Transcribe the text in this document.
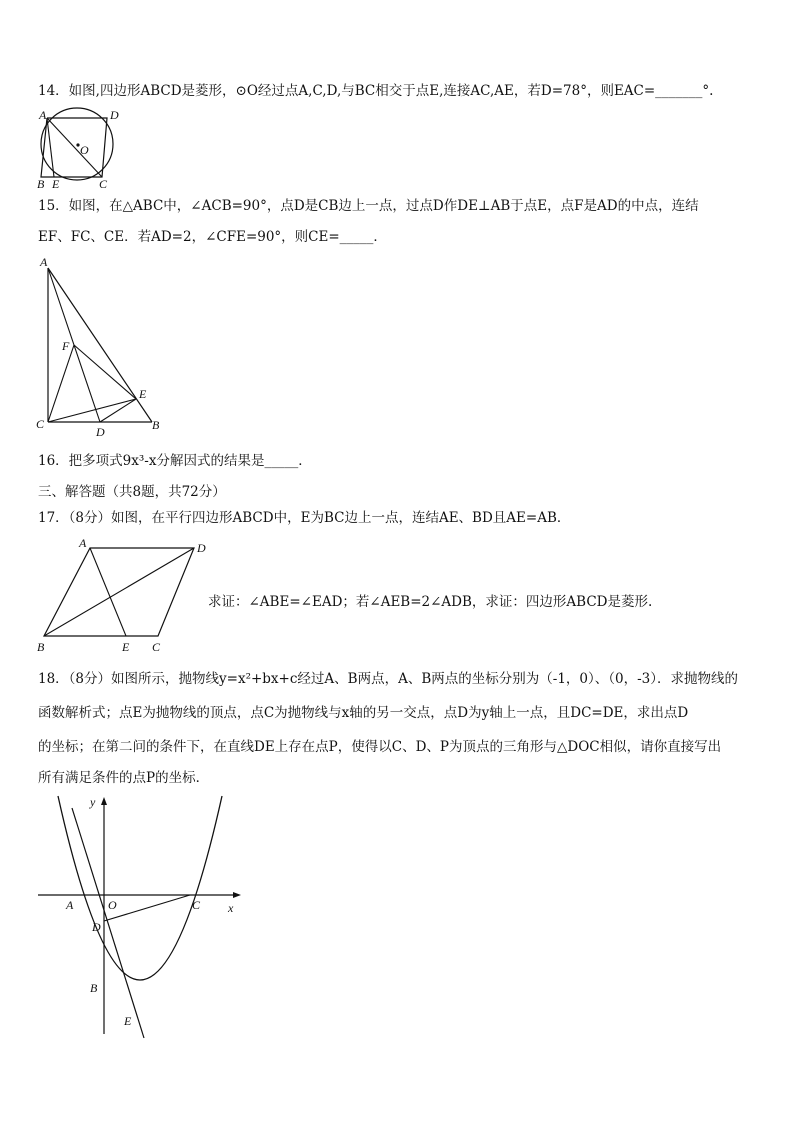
14．如图,四边形ABCD是菱形，⊙O经过点A,C,D,与BC相交于点E,连接AC,AE，若D=78°，则EAC=_______°.
A	D
O
B E	C
15．如图，在△ABC中，∠ACB=90°，点D是CB边上一点，过点D作DE⊥AB于点E，点F是AD的中点，连结
EF、FC、CE．若AD=2，∠CFE=90°，则CE=_____．
A
F
E
C
D	B
16．把多项式9x³-x分解因式的结果是_____．
三、解答题（共8题，共72分）
17．（8分）如图，在平行四边形ABCD中，E为BC边上一点，连结AE、BD且AE=AB．
A	D
B	E C
求证：∠ABE=∠EAD；若∠AEB=2∠ADB，求证：四边形ABCD是菱形.
18．（8分）如图所示，抛物线y=x²+bx+c经过A、B两点，A、B两点的坐标分别为（-1，0）、（0，-3）．求抛物线的
函数解析式；点E为抛物线的顶点，点C为抛物线与x轴的另一交点，点D为y轴上一点，且DC=DE，求出点D
的坐标；在第二问的条件下，在直线DE上存在点P，使得以C、D、P为顶点的三角形与△DOC相似，请你直接写出
所有满足条件的点P的坐标．
y
x
A	O	C
D
B
E
